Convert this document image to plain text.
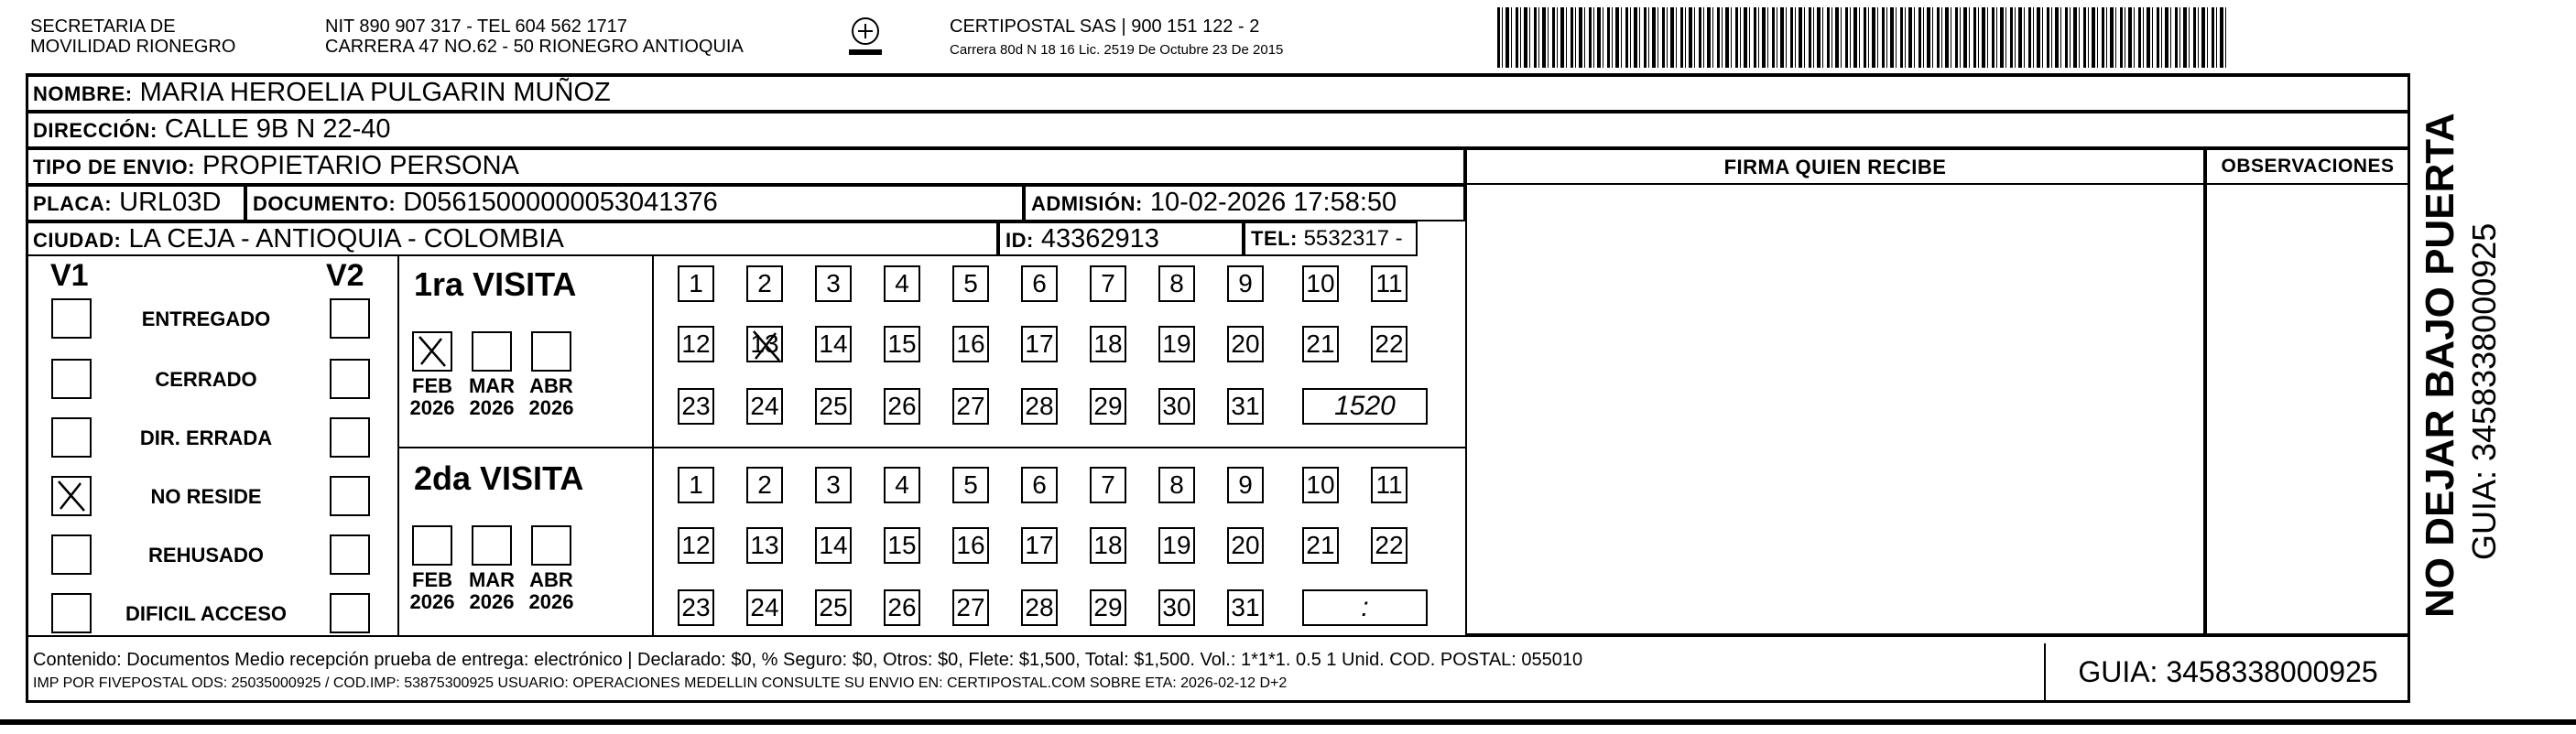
SECRETARIA DE
MOVILIDAD RIONEGRO
NIT 890 907 317 - TEL 604 562 1717
CARRERA 47 NO.62 - 50 RIONEGRO ANTIOQUIA
CERTIPOSTAL SAS | 900 151 122 - 2
Carrera 80d N 18 16 Lic. 2519 De Octubre 23 De 2015
NOMBRE: MARIA HEROELIA PULGARIN MUÑOZ
DIRECCIÓN: CALLE 9B N 22-40
TIPO DE ENVIO: PROPIETARIO PERSONA
PLACA: URL03D	DOCUMENTO: D05615000000053041376	ADMISIÓN: 10-02-2026 17:58:50
CIUDAD: LA CEJA - ANTIOQUIA - COLOMBIA	ID: 43362913	TEL: 5532317 -
FIRMA QUIEN RECIBE	OBSERVACIONES
V1	V2
ENTREGADO
CERRADO
DIR. ERRADA
NO RESIDE
REHUSADO
DIFICIL ACCESO
1ra VISITA
FEB
2026
MAR
2026
ABR
2026
1	2	3	4	5	6	7	8	9	10 11
12 13 14 15 16 17 18 19 20 21 22
23 24 25 26 27 28 29 30 31	1520
2da VISITA
FEB
2026
MAR
2026
ABR
2026
1	2	3	4	5	6	7	8	9	10 11
12 13 14 15 16 17 18 19 20 21 22
23 24 25 26 27 28 29 30 31	:
Contenido: Documentos Medio recepción prueba de entrega: electrónico | Declarado: $0, % Seguro: $0, Otros: $0, Flete: $1,500, Total: $1,500. Vol.: 1*1*1. 0.5 1 Unid. COD. POSTAL: 055010
IMP POR FIVEPOSTAL ODS: 25035000925 / COD.IMP: 53875300925 USUARIO: OPERACIONES MEDELLIN CONSULTE SU ENVIO EN: CERTIPOSTAL.COM SOBRE ETA: 2026-02-12 D+2	GUIA: 3458338000925
NO DEJAR BAJO PUERTA GUIA: 3458338000925
